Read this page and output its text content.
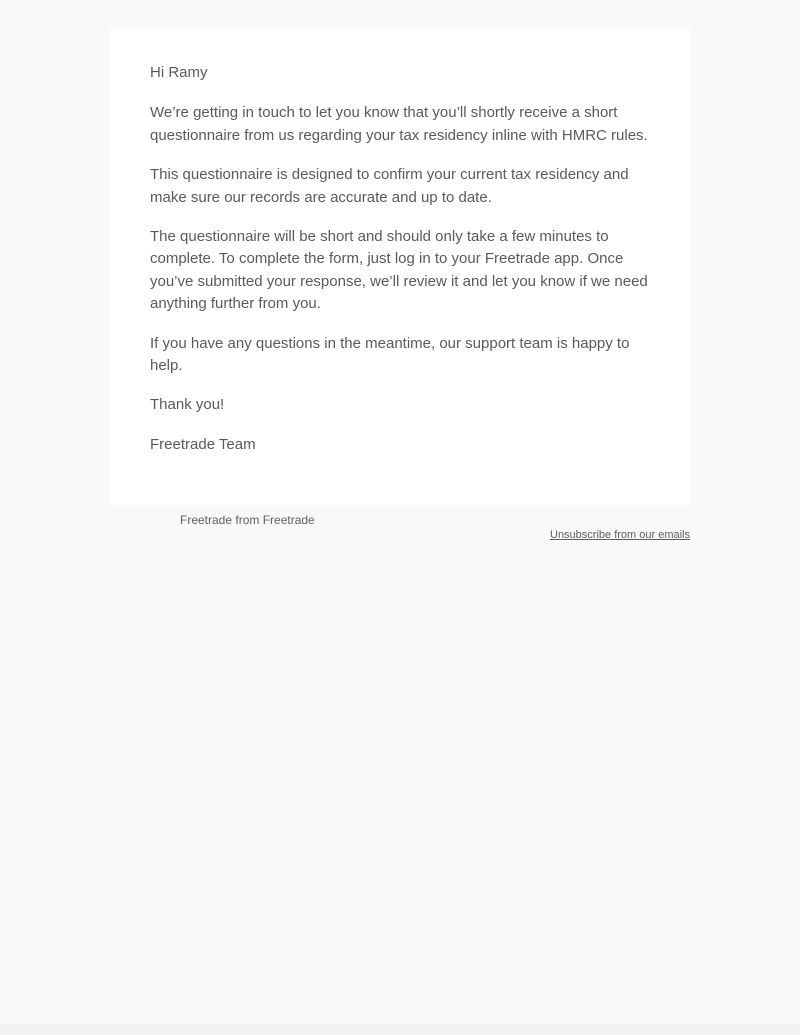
Hi Ramy

We’re getting in touch to let you know that you’ll shortly receive a short questionnaire from us regarding your tax residency inline with HMRC rules.

This questionnaire is designed to confirm your current tax residency and make sure our records are accurate and up to date.

The questionnaire will be short and should only take a few minutes to complete. To complete the form, just log in to your Freetrade app. Once you’ve submitted your response, we’ll review it and let you know if we need anything further from you.

If you have any questions in the meantime, our support team is happy to help.

Thank you!

Freetrade Team

Freetrade from Freetrade
Unsubscribe from our emails
